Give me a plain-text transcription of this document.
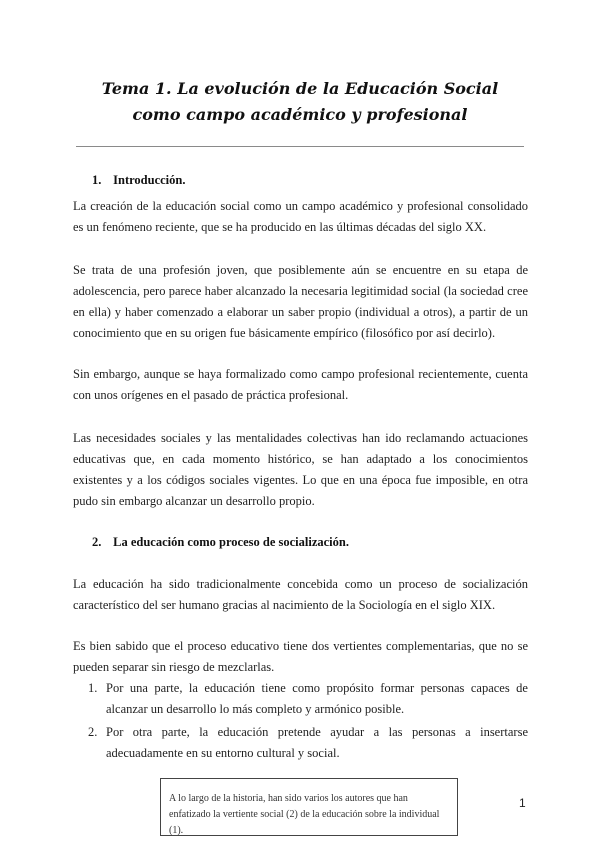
Tema 1. La evolución de la Educación Social como campo académico y profesional
1. Introducción.

La creación de la educación social como un campo académico y profesional consolidado es un fenómeno reciente, que se ha producido en las últimas décadas del siglo XX.

Se trata de una profesión joven, que posiblemente aún se encuentre en su etapa de adolescencia, pero parece haber alcanzado la necesaria legitimidad social (la sociedad cree en ella) y haber comenzado a elaborar un saber propio (individual a otros), a partir de un conocimiento que en su origen fue básicamente empírico (filosófico por así decirlo).

Sin embargo, aunque se haya formalizado como campo profesional recientemente, cuenta con unos orígenes en el pasado de práctica profesional.

Las necesidades sociales y las mentalidades colectivas han ido reclamando actuaciones educativas que, en cada momento histórico, se han adaptado a los conocimientos existentes y a los códigos sociales vigentes. Lo que en una época fue imposible, en otra pudo sin embargo alcanzar un desarrollo propio.

2. La educación como proceso de socialización.

La educación ha sido tradicionalmente concebida como un proceso de socialización característico del ser humano gracias al nacimiento de la Sociología en el siglo XIX.

Es bien sabido que el proceso educativo tiene dos vertientes complementarias, que no se pueden separar sin riesgo de mezclarlas.

1. Por una parte, la educación tiene como propósito formar personas capaces de alcanzar un desarrollo lo más completo y armónico posible.
2. Por otra parte, la educación pretende ayudar a las personas a insertarse adecuadamente en su entorno cultural y social.
A lo largo de la historia, han sido varios los autores que han enfatizado la vertiente social (2) de la educación sobre la individual (1).
1
